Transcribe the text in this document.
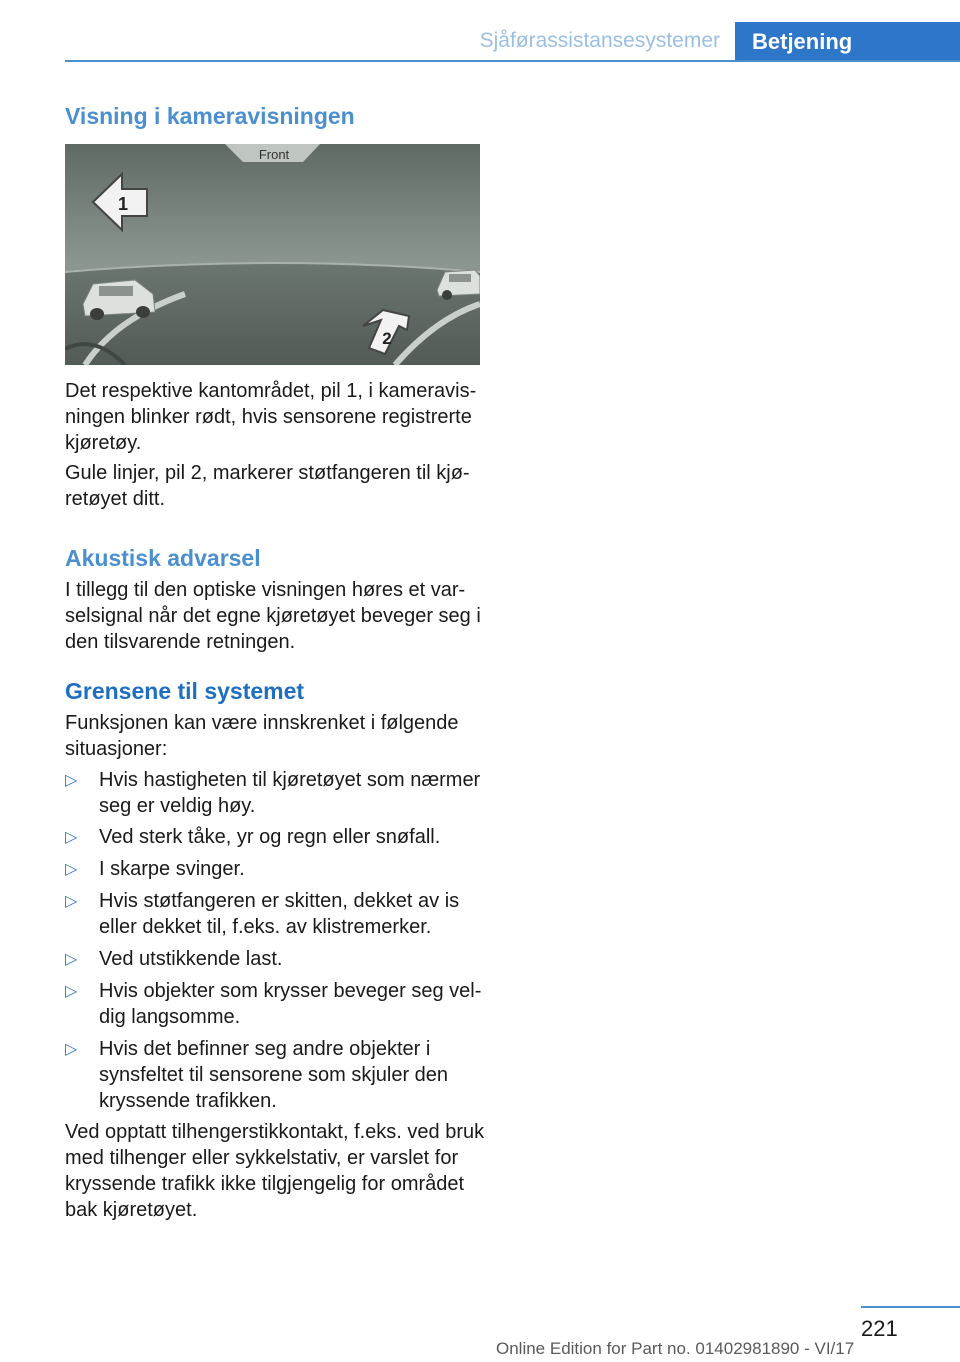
Sjåførassistansesystemer	Betjening
Visning i kameravisningen
Front
1
2

Det respektive kantområdet, pil 1, i kameravisningen blinker rødt, hvis sensorene registrerte kjøretøy.

Gule linjer, pil 2, markerer støtfangeren til kjøretøyet ditt.

Akustisk advarsel

I tillegg til den optiske visningen høres et varselsignal når det egne kjøretøyet beveger seg i den tilsvarende retningen.

Grensene til systemet

Funksjonen kan være innskrenket i følgende situasjoner:

▷ Hvis hastigheten til kjøretøyet som nærmer seg er veldig høy.
▷ Ved sterk tåke, yr og regn eller snøfall.
▷ I skarpe svinger.
▷ Hvis støtfangeren er skitten, dekket av is eller dekket til, f.eks. av klistremerker.
▷ Ved utstikkende last.
▷ Hvis objekter som krysser beveger seg veldig langsomme.
▷ Hvis det befinner seg andre objekter i synsfeltet til sensorene som skjuler den kryssende trafikken.

Ved opptatt tilhengerstikkontakt, f.eks. ved bruk med tilhenger eller sykkelstativ, er varslet for kryssende trafikk ikke tilgjengelig for området bak kjøretøyet.

221
Online Edition for Part no. 01402981890 - VI/17
